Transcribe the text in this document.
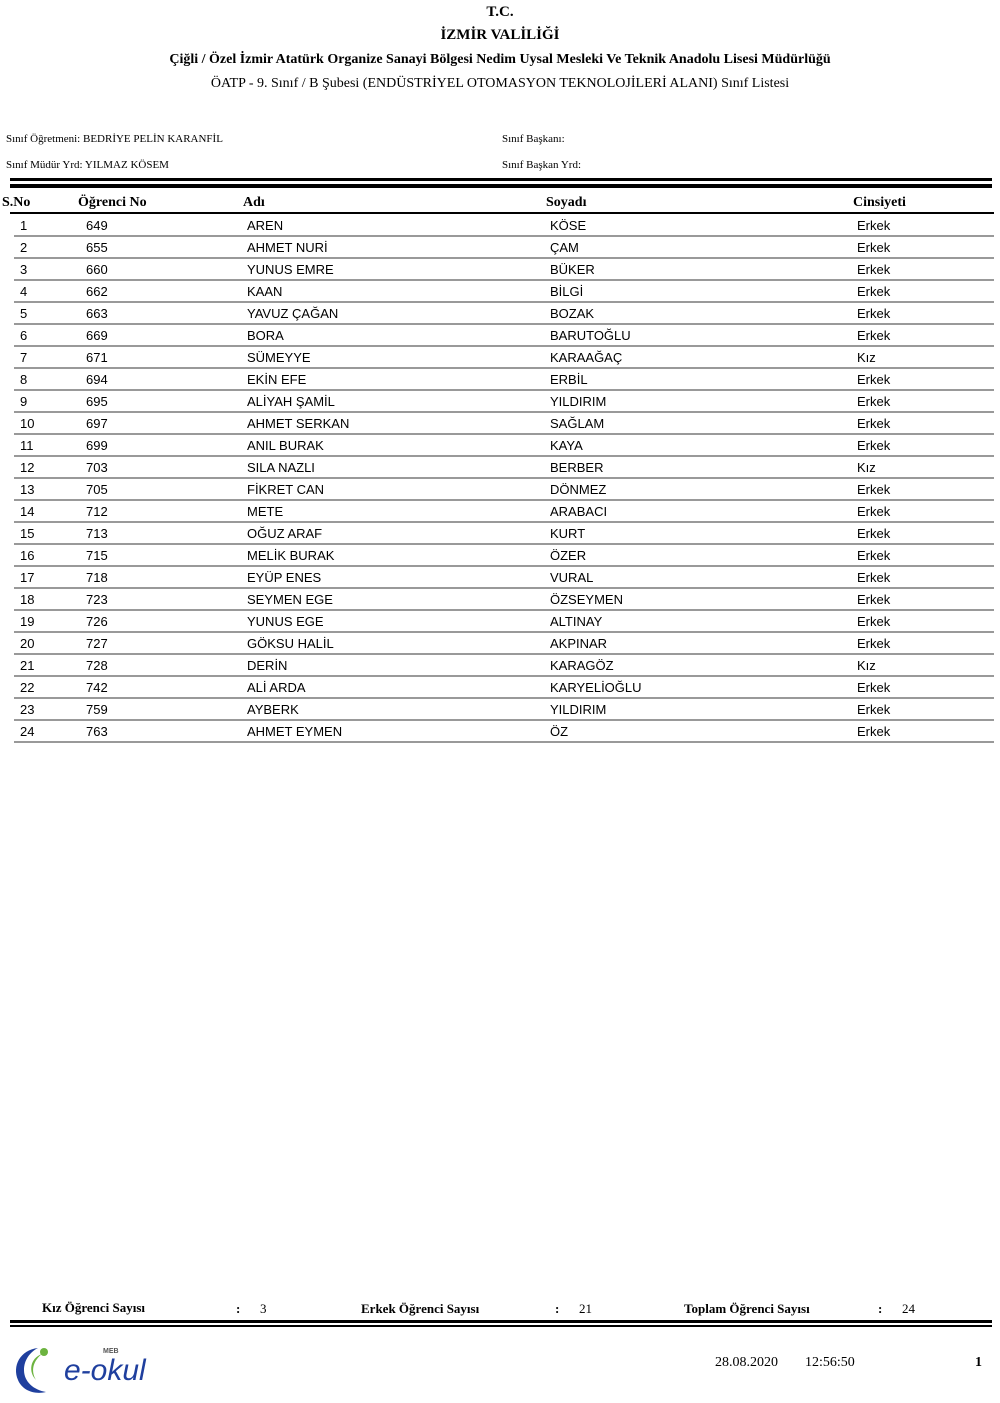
T.C.
İZMİR VALİLİĞİ
Çiğli / Özel İzmir Atatürk Organize Sanayi Bölgesi Nedim Uysal Mesleki Ve Teknik Anadolu Lisesi Müdürlüğü
ÖATP - 9. Sınıf / B Şubesi (ENDÜSTRİYEL OTOMASYON TEKNOLOJİLERİ ALANI) Sınıf Listesi
Sınıf Öğretmeni: BEDRİYE PELİN KARANFİL
Sınıf Müdür Yrd: YILMAZ KÖSEM
Sınıf Başkanı:
Sınıf Başkan Yrd:
S.No	Öğrenci No	Adı	Soyadı	Cinsiyeti
1	649	AREN	KÖSE	Erkek
2	655	AHMET NURİ	ÇAM	Erkek
3	660	YUNUS EMRE	BÜKER	Erkek
4	662	KAAN	BİLGİ	Erkek
5	663	YAVUZ ÇAĞAN	BOZAK	Erkek
6	669	BORA	BARUTOĞLU	Erkek
7	671	SÜMEYYE	KARAAĞAÇ	Kız
8	694	EKİN EFE	ERBİL	Erkek
9	695	ALİYAH ŞAMİL	YILDIRIM	Erkek
10	697	AHMET SERKAN	SAĞLAM	Erkek
11	699	ANIL BURAK	KAYA	Erkek
12	703	SILA NAZLI	BERBER	Kız
13	705	FİKRET CAN	DÖNMEZ	Erkek
14	712	METE	ARABACI	Erkek
15	713	OĞUZ ARAF	KURT	Erkek
16	715	MELİK BURAK	ÖZER	Erkek
17	718	EYÜP ENES	VURAL	Erkek
18	723	SEYMEN EGE	ÖZSEYMEN	Erkek
19	726	YUNUS EGE	ALTINAY	Erkek
20	727	GÖKSU HALİL	AKPINAR	Erkek
21	728	DERİN	KARAGÖZ	Kız
22	742	ALİ ARDA	KARYELİOĞLU	Erkek
23	759	AYBERK	YILDIRIM	Erkek
24	763	AHMET EYMEN	ÖZ	Erkek
Kız Öğrenci Sayısı	: 3	Erkek Öğrenci Sayısı	: 21	Toplam Öğrenci Sayısı	: 24
MEB
e-okul	28.08.2020 12:56:50	1
